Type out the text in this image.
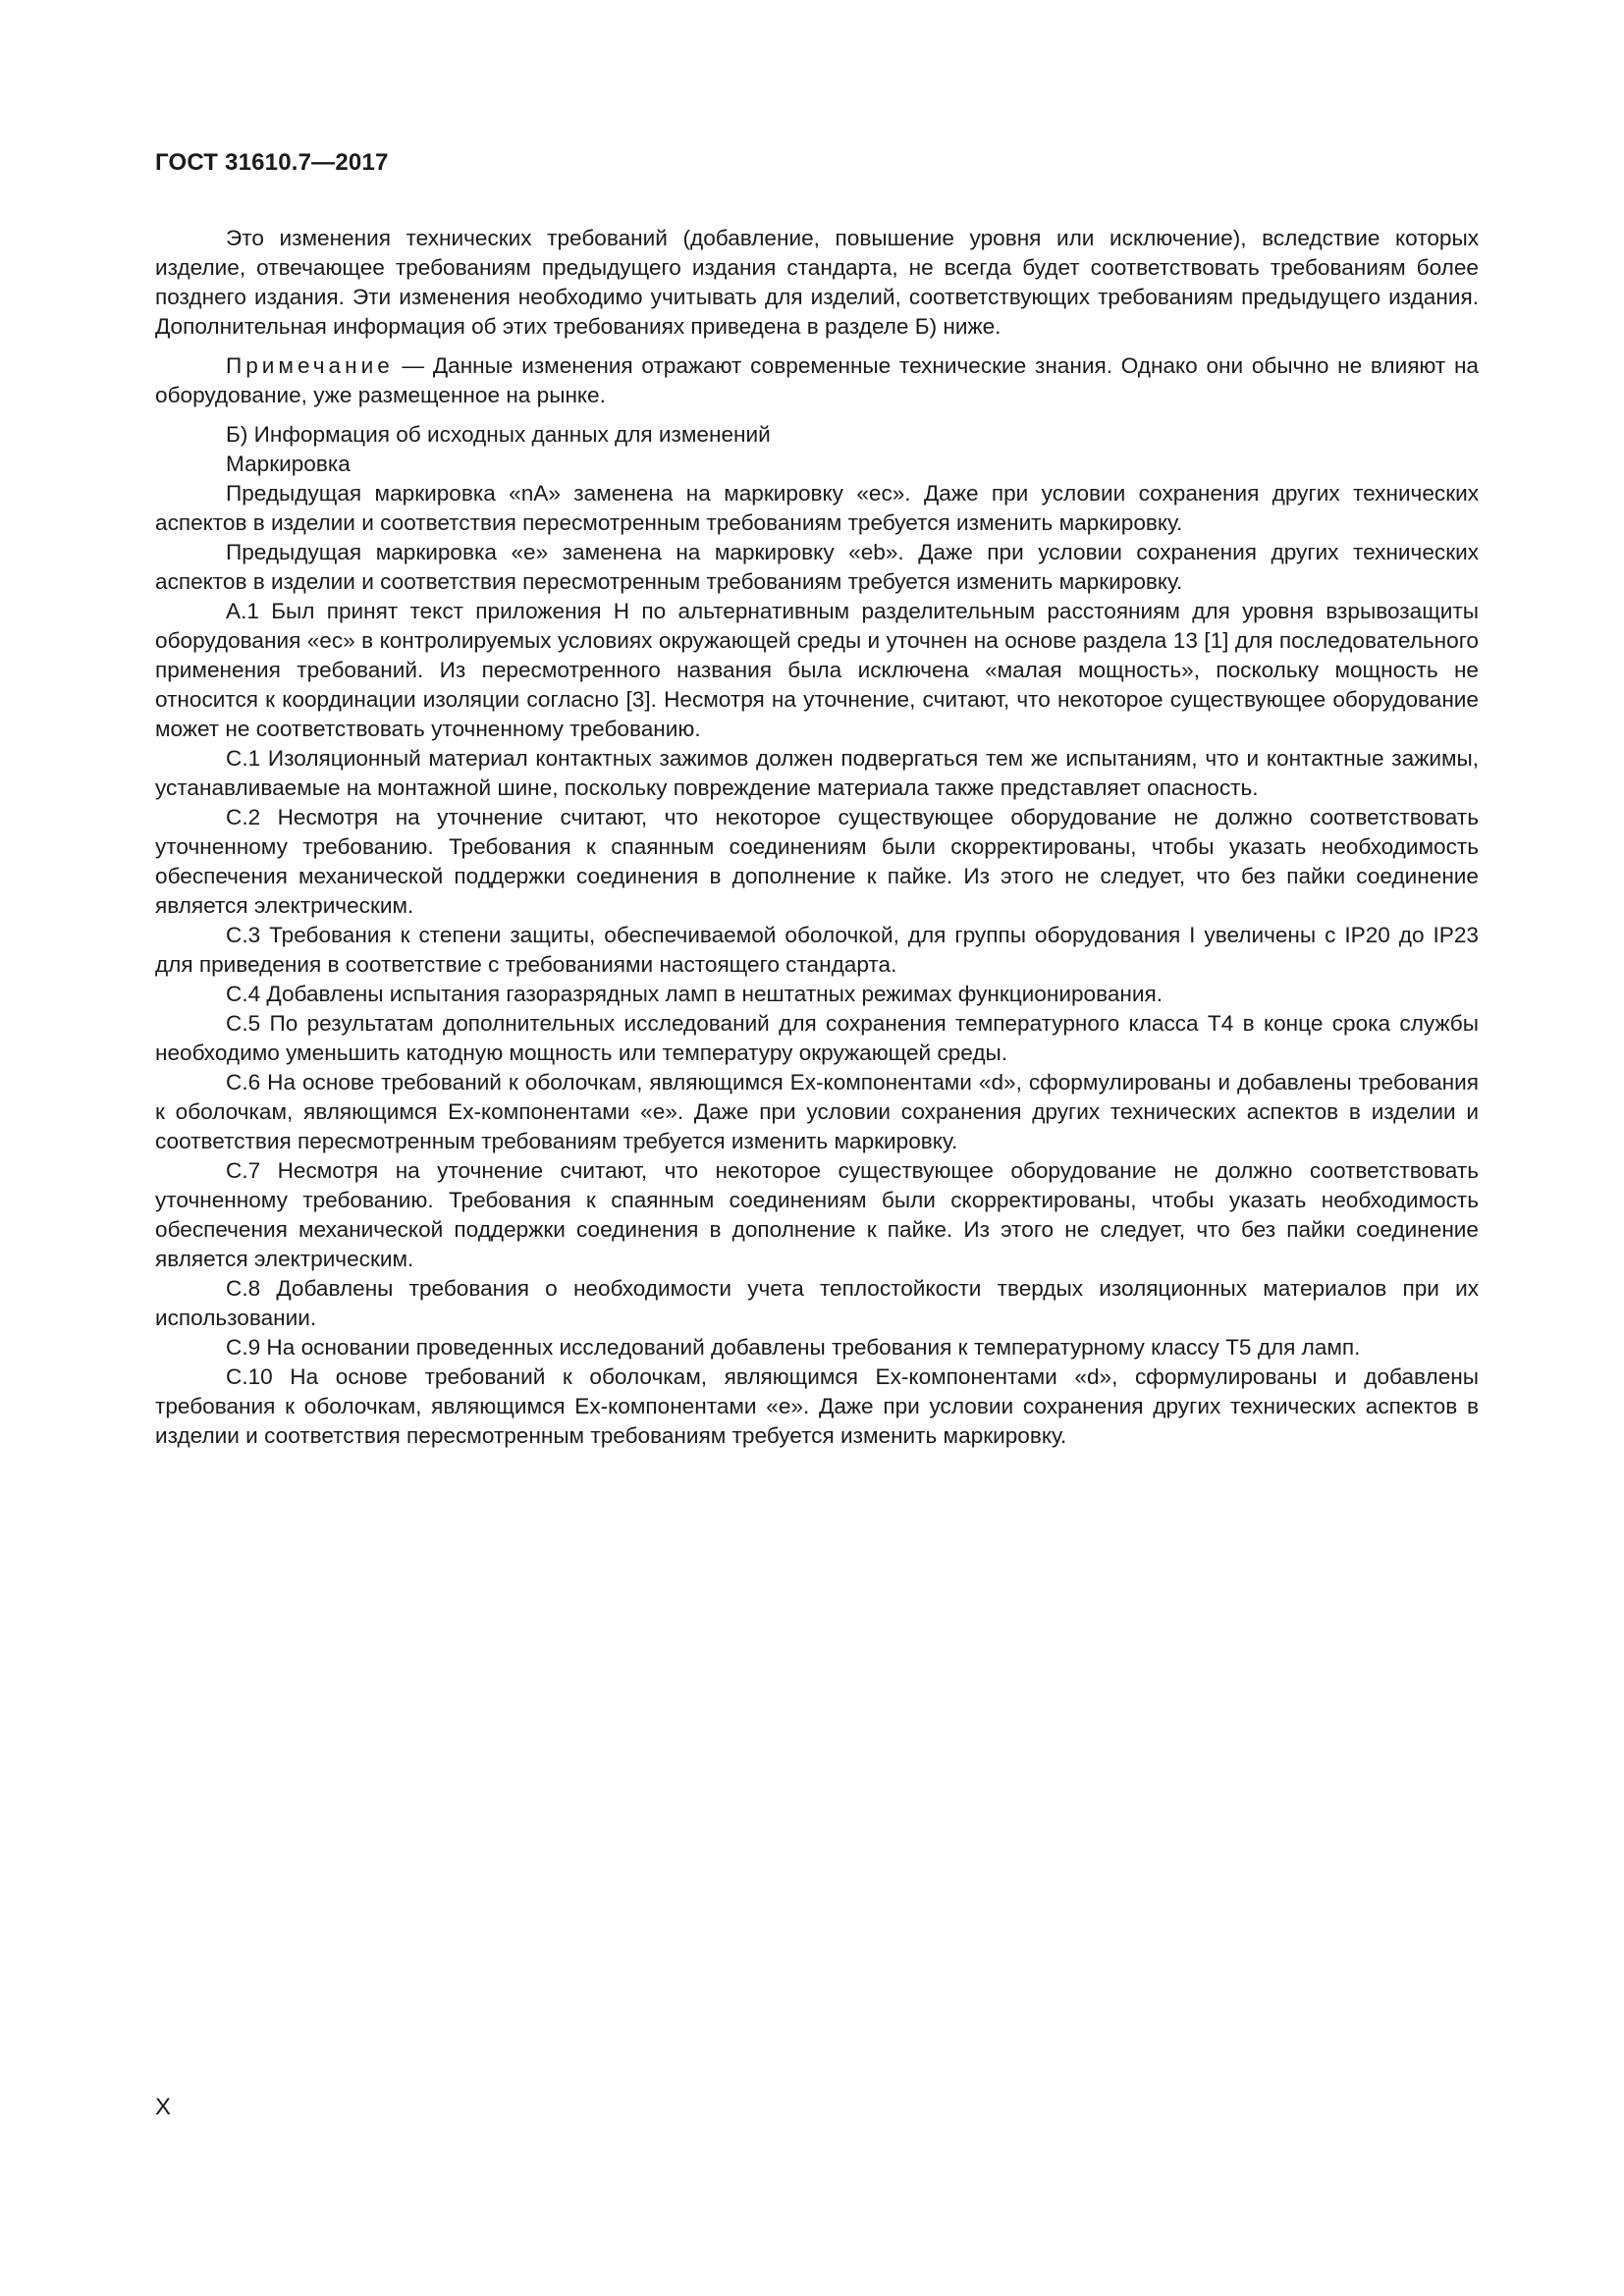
ГОСТ 31610.7—2017

Это изменения технических требований (добавление, повышение уровня или исключение), вследствие которых изделие, отвечающее требованиям предыдущего издания стандарта, не всегда будет соответствовать требованиям более позднего издания. Эти изменения необходимо учитывать для изделий, соответствующих требованиям предыдущего издания. Дополнительная информация об этих требованиях приведена в разделе Б) ниже.

Примечание — Данные изменения отражают современные технические знания. Однако они обычно не влияют на оборудование, уже размещенное на рынке.

Б) Информация об исходных данных для изменений

Маркировка

Предыдущая маркировка «nA» заменена на маркировку «ec». Даже при условии сохранения других технических аспектов в изделии и соответствия пересмотренным требованиям требуется изменить маркировку.

Предыдущая маркировка «e» заменена на маркировку «eb». Даже при условии сохранения других технических аспектов в изделии и соответствия пересмотренным требованиям требуется изменить маркировку.

А.1 Был принят текст приложения Н по альтернативным разделительным расстояниям для уровня взрывозащиты оборудования «ec» в контролируемых условиях окружающей среды и уточнен на основе раздела 13 [1] для последовательного применения требований. Из пересмотренного названия была исключена «малая мощность», поскольку мощность не относится к координации изоляции согласно [3]. Несмотря на уточнение, считают, что некоторое существующее оборудование может не соответствовать уточненному требованию.

С.1 Изоляционный материал контактных зажимов должен подвергаться тем же испытаниям, что и контактные зажимы, устанавливаемые на монтажной шине, поскольку повреждение материала также представляет опасность.

С.2 Несмотря на уточнение считают, что некоторое существующее оборудование не должно соответствовать уточненному требованию. Требования к спаянным соединениям были скорректированы, чтобы указать необходимость обеспечения механической поддержки соединения в дополнение к пайке. Из этого не следует, что без пайки соединение является электрическим.

С.3 Требования к степени защиты, обеспечиваемой оболочкой, для группы оборудования I увеличены с IP20 до IP23 для приведения в соответствие с требованиями настоящего стандарта.

С.4 Добавлены испытания газоразрядных ламп в нештатных режимах функционирования.

С.5 По результатам дополнительных исследований для сохранения температурного класса Т4 в конце срока службы необходимо уменьшить катодную мощность или температуру окружающей среды.

С.6 На основе требований к оболочкам, являющимся Ex-компонентами «d», сформулированы и добавлены требования к оболочкам, являющимся Ex-компонентами «e». Даже при условии сохранения других технических аспектов в изделии и соответствия пересмотренным требованиям требуется изменить маркировку.

С.7 Несмотря на уточнение считают, что некоторое существующее оборудование не должно соответствовать уточненному требованию. Требования к спаянным соединениям были скорректированы, чтобы указать необходимость обеспечения механической поддержки соединения в дополнение к пайке. Из этого не следует, что без пайки соединение является электрическим.

С.8 Добавлены требования о необходимости учета теплостойкости твердых изоляционных материалов при их использовании.

С.9 На основании проведенных исследований добавлены требования к температурному классу Т5 для ламп.

С.10 На основе требований к оболочкам, являющимся Ex-компонентами «d», сформулированы и добавлены требования к оболочкам, являющимся Ex-компонентами «e». Даже при условии сохранения других технических аспектов в изделии и соответствия пересмотренным требованиям требуется изменить маркировку.

X
